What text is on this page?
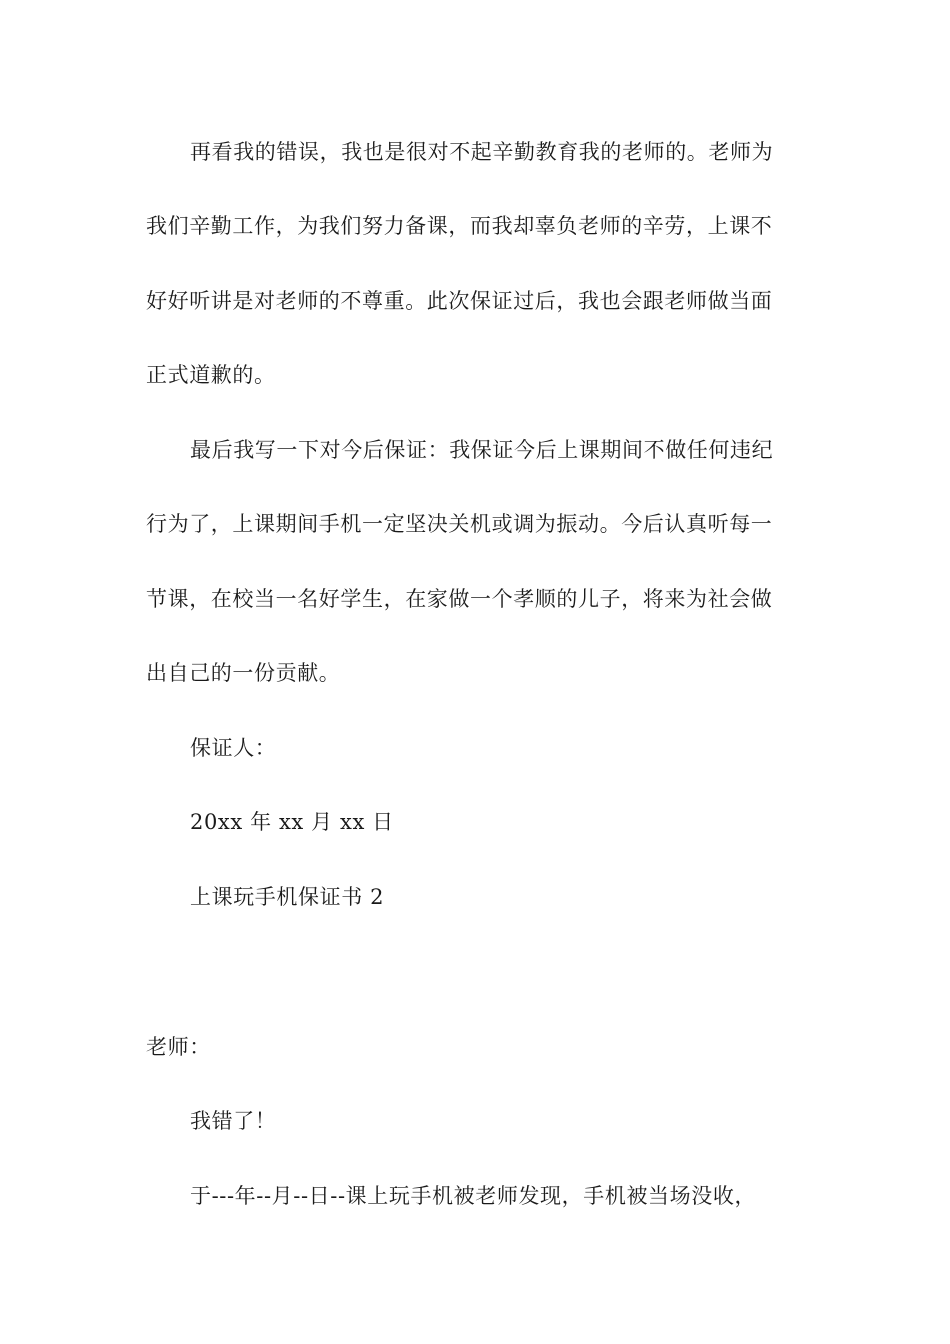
再看我的错误，我也是很对不起辛勤教育我的老师的。老师为
我们辛勤工作，为我们努力备课，而我却辜负老师的辛劳，上课不
好好听讲是对老师的不尊重。此次保证过后，我也会跟老师做当面
正式道歉的。
最后我写一下对今后保证：我保证今后上课期间不做任何违纪
行为了，上课期间手机一定坚决关机或调为振动。今后认真听每一
节课，在校当一名好学生，在家做一个孝顺的儿子，将来为社会做
出自己的一份贡献。
保证人：
20xx 年 xx 月 xx 日
上课玩手机保证书 2
老师：
我错了！
于---年--月--日--课上玩手机被老师发现，手机被当场没收，
